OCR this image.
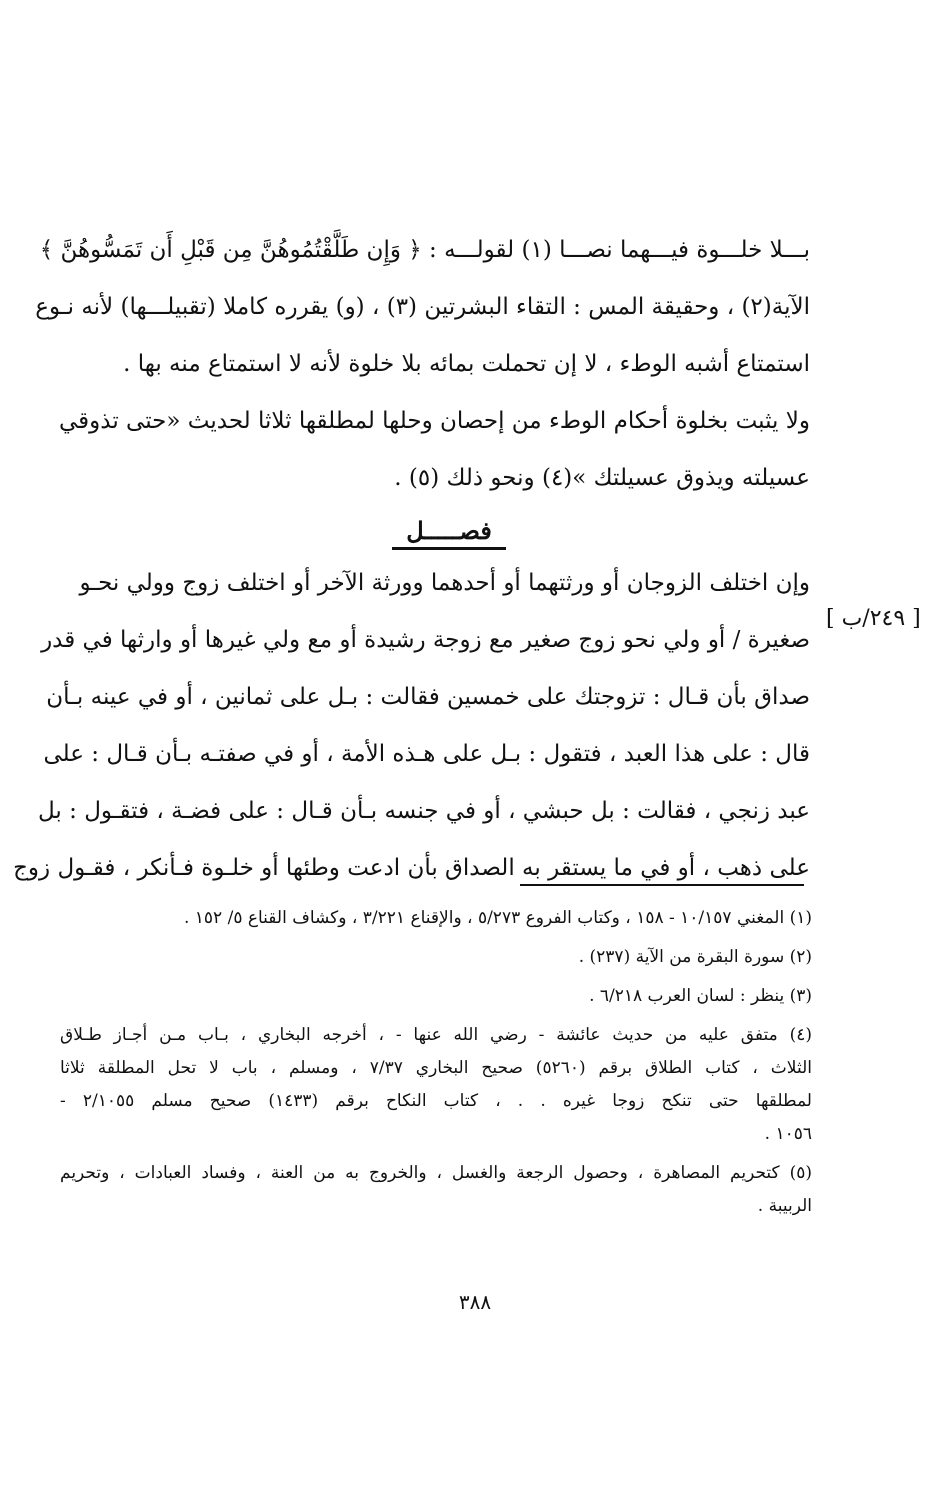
بـــلا خلـــوة فيـــهما نصـــا (١) لقولـــه : ﴿ وَإِن طَلَّقْتُمُوهُنَّ مِن قَبْلِ أَن تَمَسُّوهُنَّ ﴾
الآية(٢) ، وحقيقة المس : التقاء البشرتين (٣) ، (و) يقرره كاملا (تقبيلـــها) لأنه نـوع
استمتاع أشبه الوطء ، لا إن تحملت بمائه بلا خلوة لأنه لا استمتاع منه بها .
ولا يثبت بخلوة أحكام الوطء من إحصان وحلها لمطلقها ثلاثا لحديث «حتى تذوقي
عسيلته ويذوق عسيلتك »(٤) ونحو ذلك (٥) .
فصـــــل
وإن اختلف الزوجان أو ورثتهما أو أحدهما وورثة الآخر أو اختلف زوج وولي نحـو
صغيرة / أو ولي نحو زوج صغير مع زوجة رشيدة أو مع ولي غيرها أو وارثها في قدر
صداق بأن قـال : تزوجتك على خمسين فقالت : بـل على ثمانين ، أو في عينه بـأن
قال : على هذا العبد ، فتقول : بـل على هـذه الأمة ، أو في صفتـه بـأن قـال : على
عبد زنجي ، فقالت : بل حبشي ، أو في جنسه بـأن قـال : على فضـة ، فتقـول : بل
على ذهب ، أو في ما يستقر به الصداق بأن ادعت وطئها أو خلـوة فـأنكر ، فقـول زوج
[ ٢٤٩/ب ]
(١) المغني ١٠/١٥٧ - ١٥٨ ، وكتاب الفروع ٥/٢٧٣ ، والإقناع ٣/٢٢١ ، وكشاف القناع ٥/ ١٥٢ .
(٢) سورة البقرة من الآية (٢٣٧) .
(٣) ينظر : لسان العرب ٦/٢١٨ .
(٤) متفق عليه من حديث عائشة - رضي الله عنها - ، أخرجه البخاري ، بـاب مـن أجـاز طـلاق
الثلاث ، كتاب الطلاق برقم (٥٢٦٠) صحيح البخاري ٧/٣٧ ، ومسلم ، باب لا تحل المطلقة ثلاثا
لمطلقها حتى تنكح زوجا غيره . . ، كتاب النكاح برقم (١٤٣٣) صحيح مسلم ٢/١٠٥٥ -
١٠٥٦ .
(٥) كتحريم المصاهرة ، وحصول الرجعة والغسل ، والخروج به من العنة ، وفساد العبادات ، وتحريم
الربيبة .
٣٨٨
